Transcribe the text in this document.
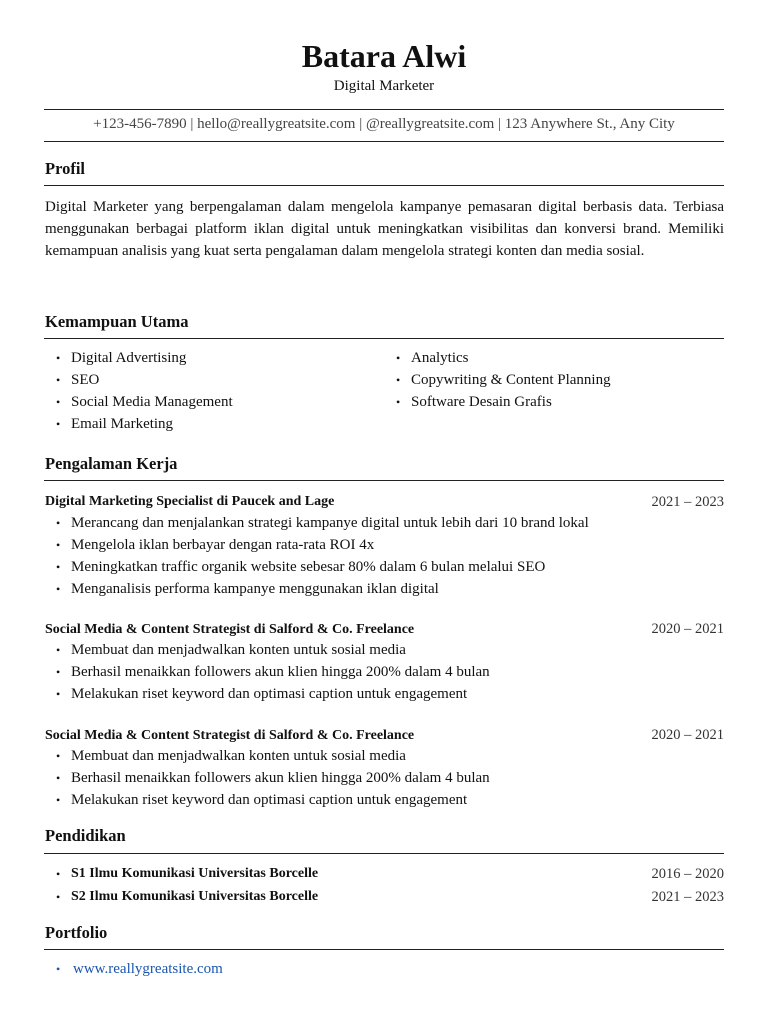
Batara Alwi
Digital Marketer
+123-456-7890 | hello@reallygreatsite.com | @reallygreatsite.com | 123 Anywhere St., Any City
Profil
Digital Marketer yang berpengalaman dalam mengelola kampanye pemasaran digital berbasis data. Terbiasa menggunakan berbagai platform iklan digital untuk meningkatkan visibilitas dan konversi brand. Memiliki kemampuan analisis yang kuat serta pengalaman dalam mengelola strategi konten dan media sosial.
Kemampuan Utama
• Digital Advertising
• SEO
• Social Media Management
• Email Marketing
• Analytics
• Copywriting & Content Planning
• Software Desain Grafis
Pengalaman Kerja
Digital Marketing Specialist di Paucek and Lage	2021 – 2023
• Merancang dan menjalankan strategi kampanye digital untuk lebih dari 10 brand lokal
• Mengelola iklan berbayar dengan rata-rata ROI 4x
• Meningkatkan traffic organik website sebesar 80% dalam 6 bulan melalui SEO
• Menganalisis performa kampanye menggunakan iklan digital
Social Media & Content Strategist di Salford & Co. Freelance	2020 – 2021
• Membuat dan menjadwalkan konten untuk sosial media
• Berhasil menaikkan followers akun klien hingga 200% dalam 4 bulan
• Melakukan riset keyword dan optimasi caption untuk engagement
Social Media & Content Strategist di Salford & Co. Freelance	2020 – 2021
• Membuat dan menjadwalkan konten untuk sosial media
• Berhasil menaikkan followers akun klien hingga 200% dalam 4 bulan
• Melakukan riset keyword dan optimasi caption untuk engagement
Pendidikan
• S1 Ilmu Komunikasi Universitas Borcelle	2016 – 2020
• S2 Ilmu Komunikasi Universitas Borcelle	2021 – 2023
Portfolio
• www.reallygreatsite.com
